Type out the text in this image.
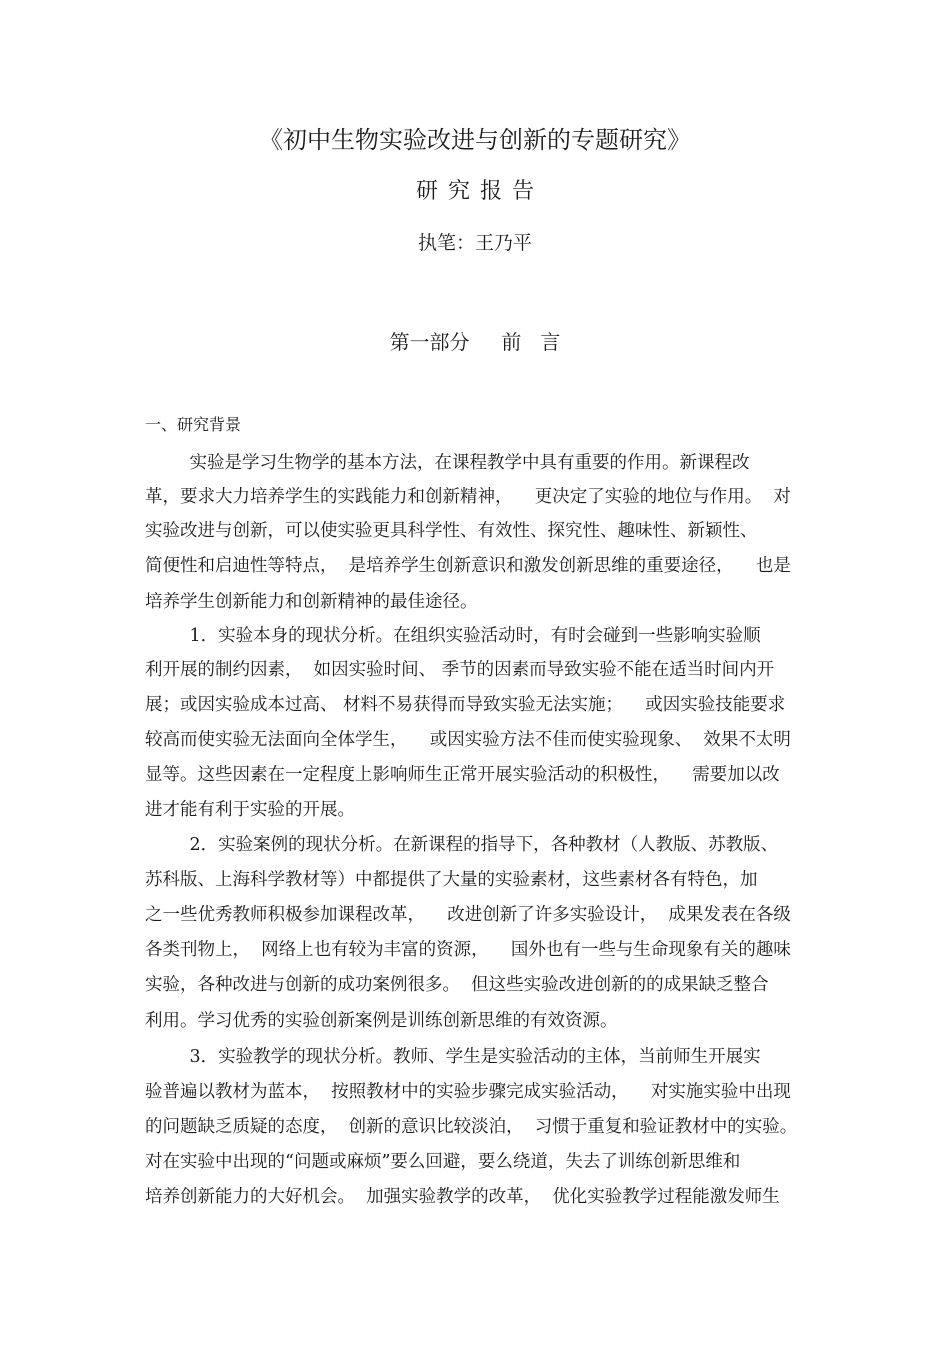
《初中生物实验改进与创新的专题研究》
研究报告
执笔：王乃平
第一部分     前   言
一、研究背景
实验是学习生物学的基本方法，在课程教学中具有重要的作用。新课程改
革，要求大力培养学生的实践能力和创新精神，    更决定了实验的地位与作用。  对
实验改进与创新，可以使实验更具科学性、有效性、探究性、趣味性、新颖性、
简便性和启迪性等特点，  是培养学生创新意识和激发创新思维的重要途径，    也是
培养学生创新能力和创新精神的最佳途径。
1．实验本身的现状分析。在组织实验活动时，有时会碰到一些影响实验顺
利开展的制约因素，  如因实验时间、 季节的因素而导致实验不能在适当时间内开
展；或因实验成本过高、 材料不易获得而导致实验无法实施；    或因实验技能要求
较高而使实验无法面向全体学生，    或因实验方法不佳而使实验现象、  效果不太明
显等。这些因素在一定程度上影响师生正常开展实验活动的积极性，    需要加以改
进才能有利于实验的开展。
2．实验案例的现状分析。在新课程的指导下，各种教材（人教版、苏教版、
苏科版、上海科学教材等）中都提供了大量的实验素材，这些素材各有特色，加
之一些优秀教师积极参加课程改革，    改进创新了许多实验设计，  成果发表在各级
各类刊物上，  网络上也有较为丰富的资源，    国外也有一些与生命现象有关的趣味
实验，各种改进与创新的成功案例很多。  但这些实验改进创新的的成果缺乏整合
利用。学习优秀的实验创新案例是训练创新思维的有效资源。
3．实验教学的现状分析。教师、学生是实验活动的主体，当前师生开展实
验普遍以教材为蓝本，  按照教材中的实验步骤完成实验活动，    对实施实验中出现
的问题缺乏质疑的态度，  创新的意识比较淡泊，  习惯于重复和验证教材中的实验。
对在实验中出现的“问题或麻烦”要么回避，要么绕道，失去了训练创新思维和
培养创新能力的大好机会。  加强实验教学的改革，  优化实验教学过程能激发师生
